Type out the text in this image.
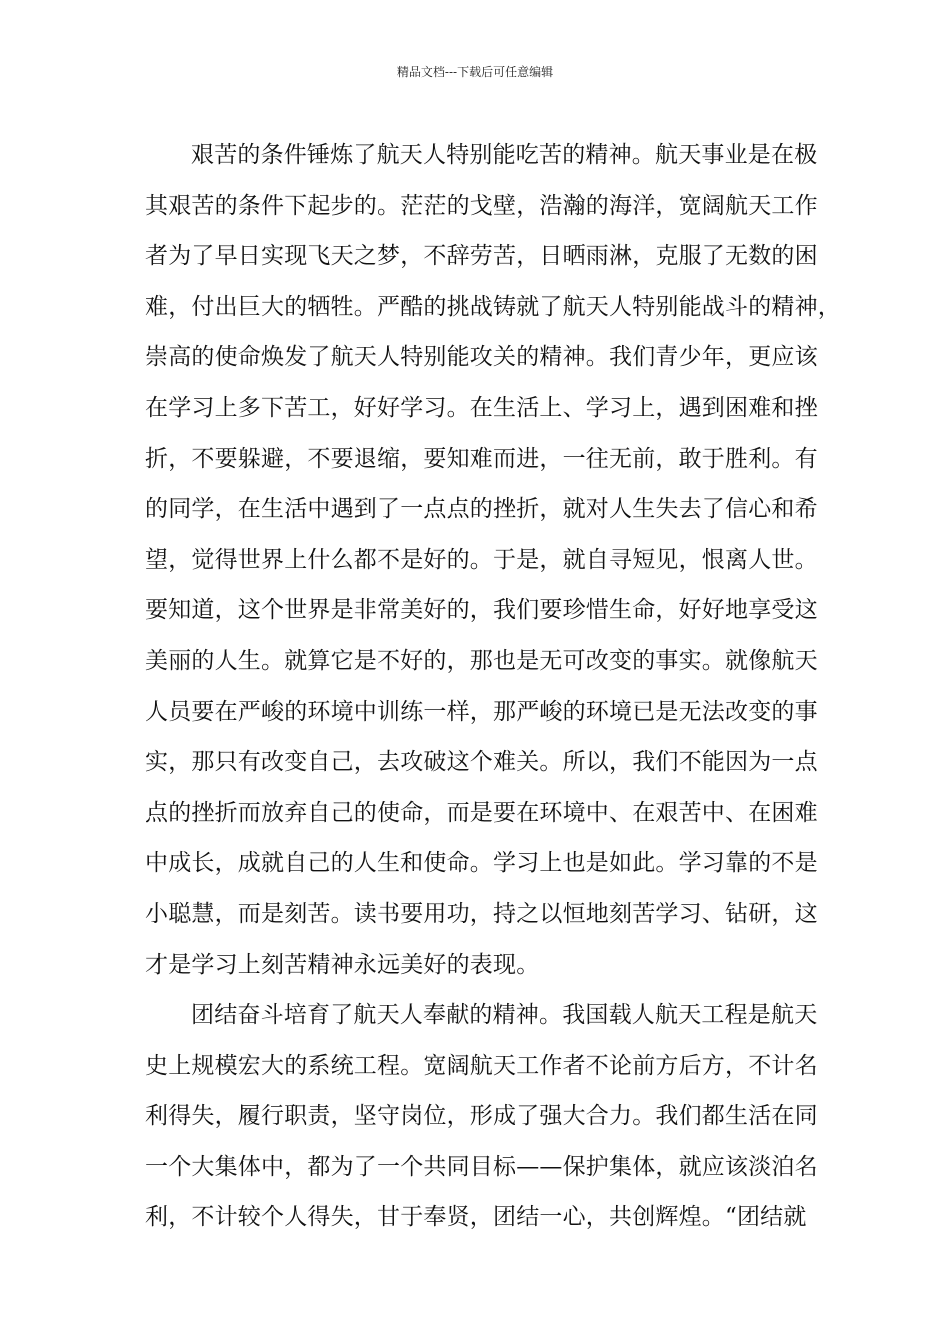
精品文档---下载后可任意编辑
艰苦的条件锤炼了航天人特别能吃苦的精神。航天事业是在极
其艰苦的条件下起步的。茫茫的戈壁，浩瀚的海洋，宽阔航天工作
者为了早日实现飞天之梦，不辞劳苦，日晒雨淋，克服了无数的困
难，付出巨大的牺牲。严酷的挑战铸就了航天人特别能战斗的精神，
崇高的使命焕发了航天人特别能攻关的精神。我们青少年，更应该
在学习上多下苦工，好好学习。在生活上、学习上，遇到困难和挫
折，不要躲避，不要退缩，要知难而进，一往无前，敢于胜利。有
的同学，在生活中遇到了一点点的挫折，就对人生失去了信心和希
望，觉得世界上什么都不是好的。于是，就自寻短见，恨离人世。
要知道，这个世界是非常美好的，我们要珍惜生命，好好地享受这
美丽的人生。就算它是不好的，那也是无可改变的事实。就像航天
人员要在严峻的环境中训练一样，那严峻的环境已是无法改变的事
实，那只有改变自己，去攻破这个难关。所以，我们不能因为一点
点的挫折而放弃自己的使命，而是要在环境中、在艰苦中、在困难
中成长，成就自己的人生和使命。学习上也是如此。学习靠的不是
小聪慧，而是刻苦。读书要用功，持之以恒地刻苦学习、钻研，这
才是学习上刻苦精神永远美好的表现。
团结奋斗培育了航天人奉献的精神。我国载人航天工程是航天
史上规模宏大的系统工程。宽阔航天工作者不论前方后方，不计名
利得失，履行职责，坚守岗位，形成了强大合力。我们都生活在同
一个大集体中，都为了一个共同目标——保护集体，就应该淡泊名
利，不计较个人得失，甘于奉贤，团结一心，共创辉煌。“团结就
